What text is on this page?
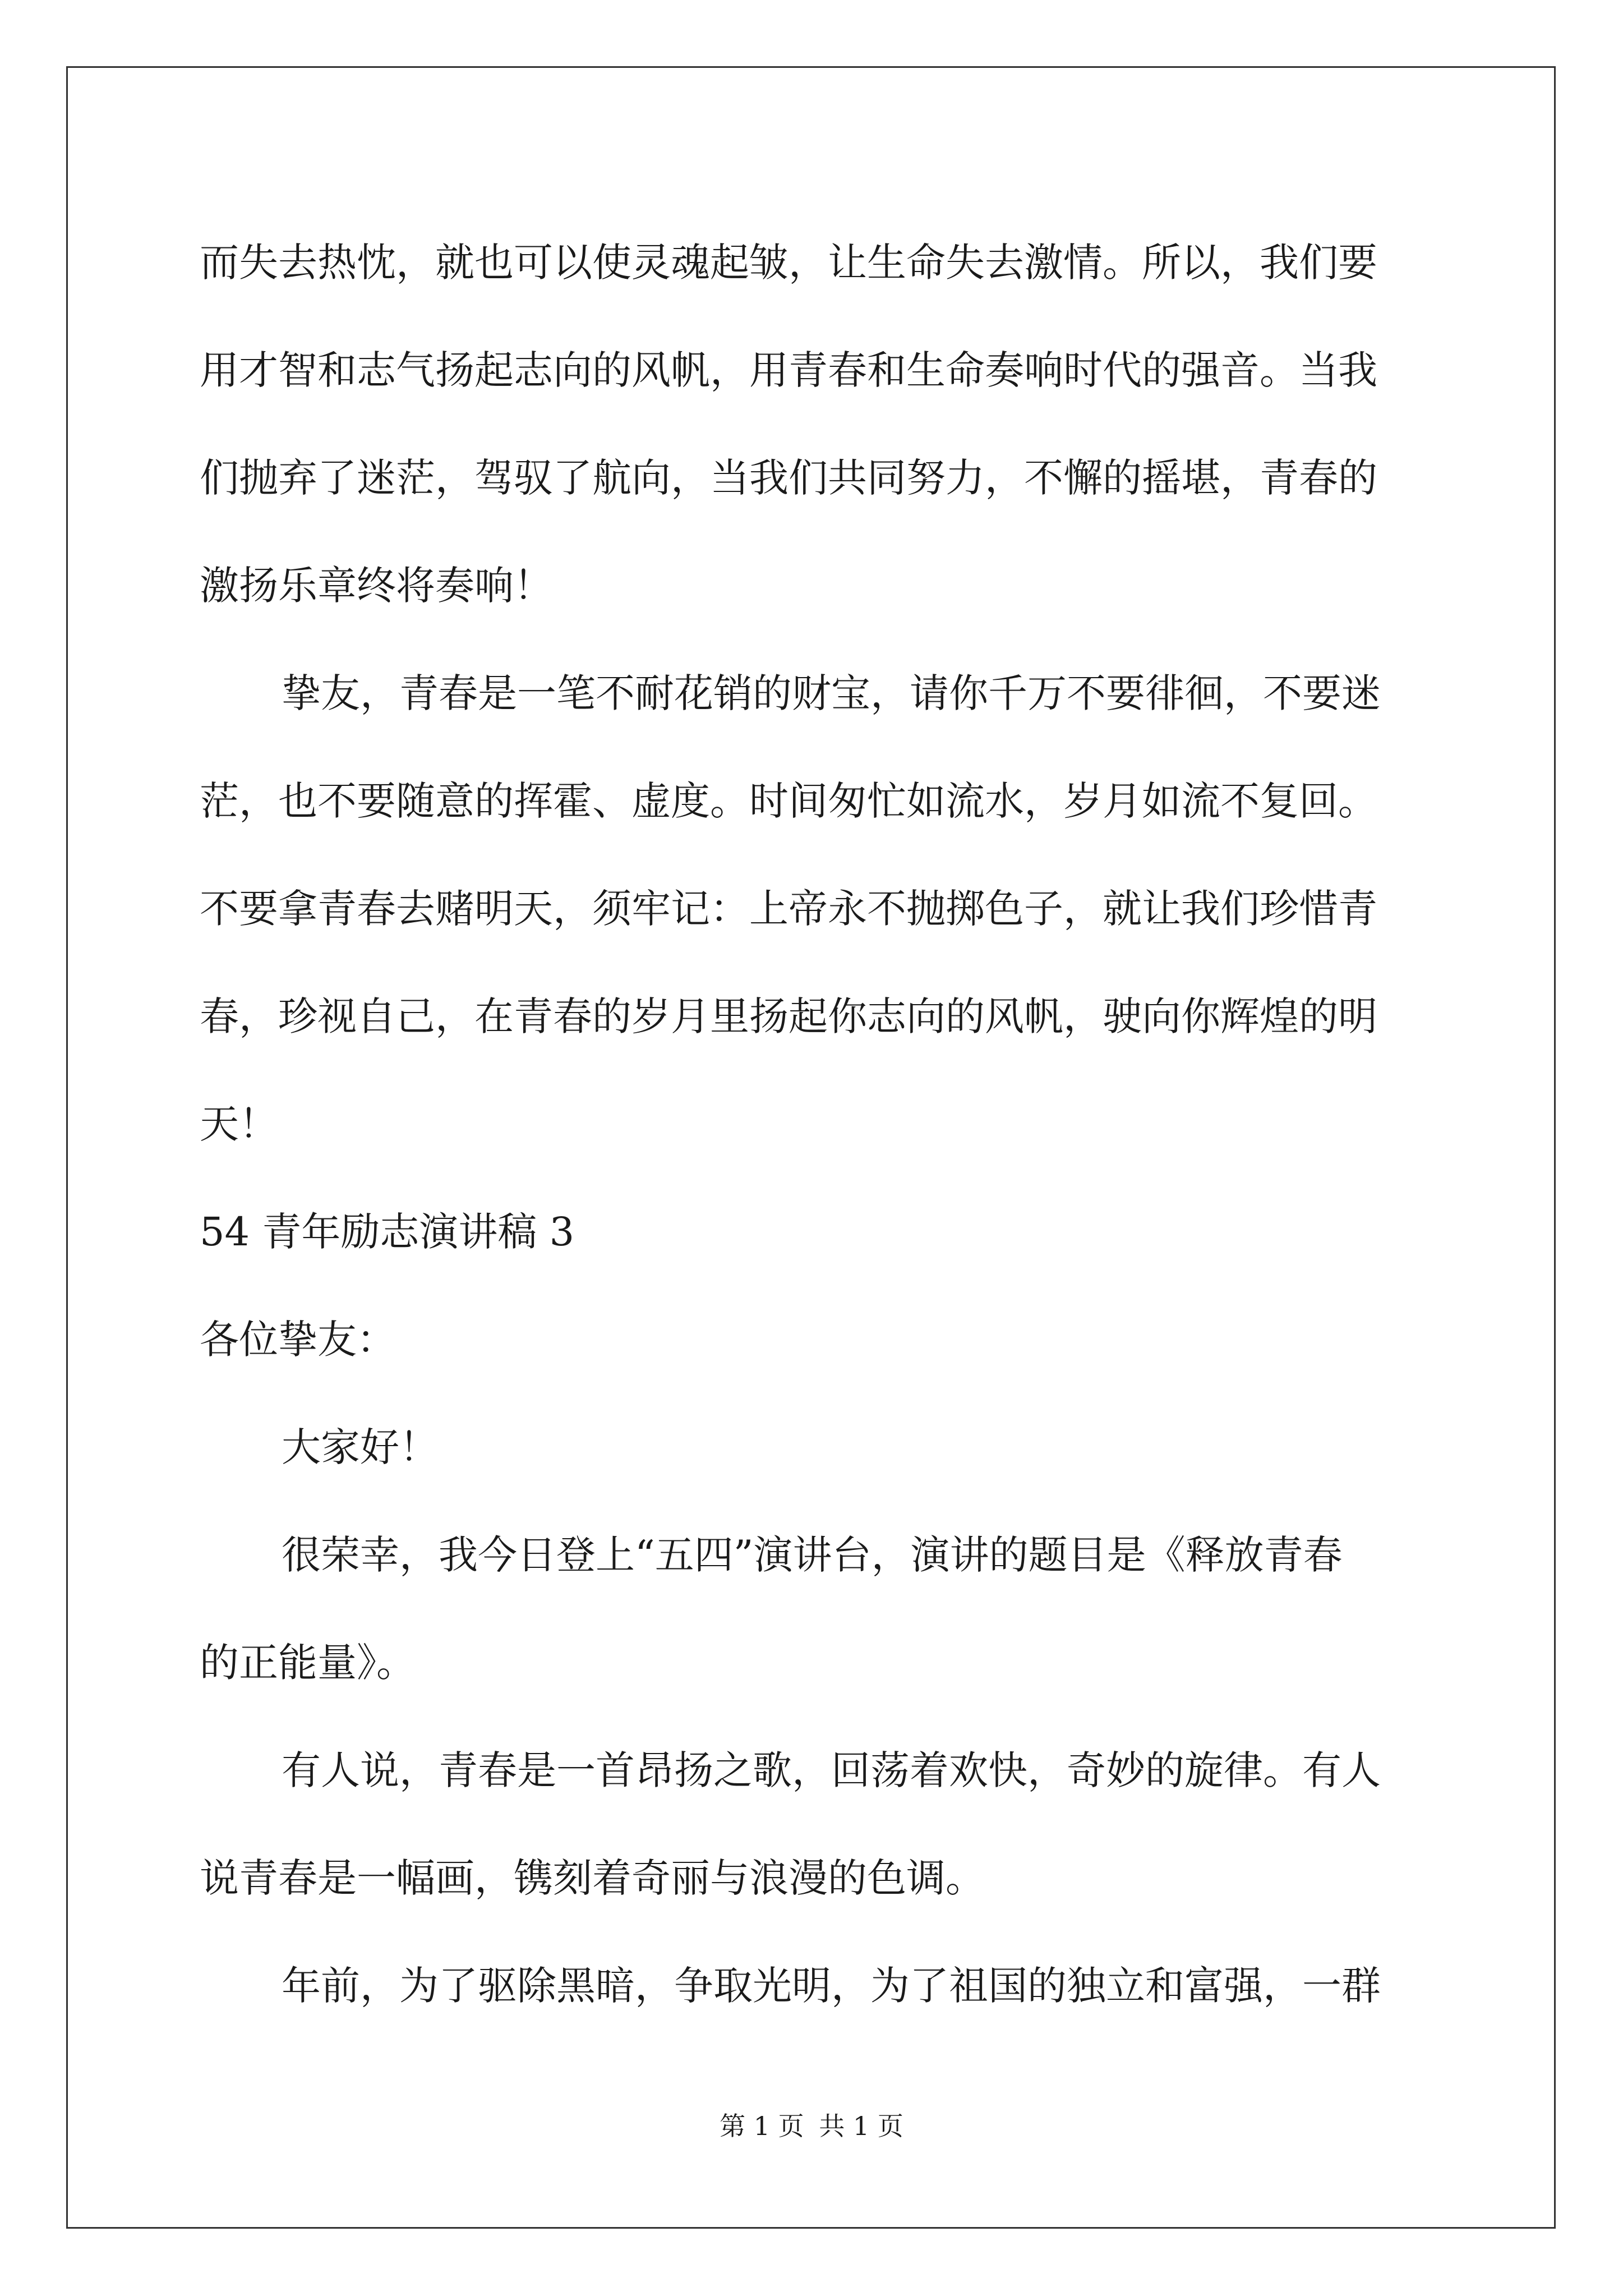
而失去热忱，就也可以使灵魂起皱，让生命失去激情。所以，我们要
用才智和志气扬起志向的风帆，用青春和生命奏响时代的强音。当我
们抛弃了迷茫，驾驭了航向，当我们共同努力，不懈的摇堪，青春的
激扬乐章终将奏响！
挚友，青春是一笔不耐花销的财宝，请你千万不要徘徊，不要迷
茫，也不要随意的挥霍、虚度。时间匆忙如流水，岁月如流不复回。
不要拿青春去赌明天，须牢记：上帝永不抛掷色子，就让我们珍惜青
春，珍视自己，在青春的岁月里扬起你志向的风帆，驶向你辉煌的明
天！
54 青年励志演讲稿 3
各位挚友：
大家好！
很荣幸，我今日登上“五四”演讲台，演讲的题目是《释放青春
的正能量》。
有人说，青春是一首昂扬之歌，回荡着欢快，奇妙的旋律。有人
说青春是一幅画，镌刻着奇丽与浪漫的色调。
年前，为了驱除黑暗，争取光明，为了祖国的独立和富强，一群
第 1 页 共 1 页
